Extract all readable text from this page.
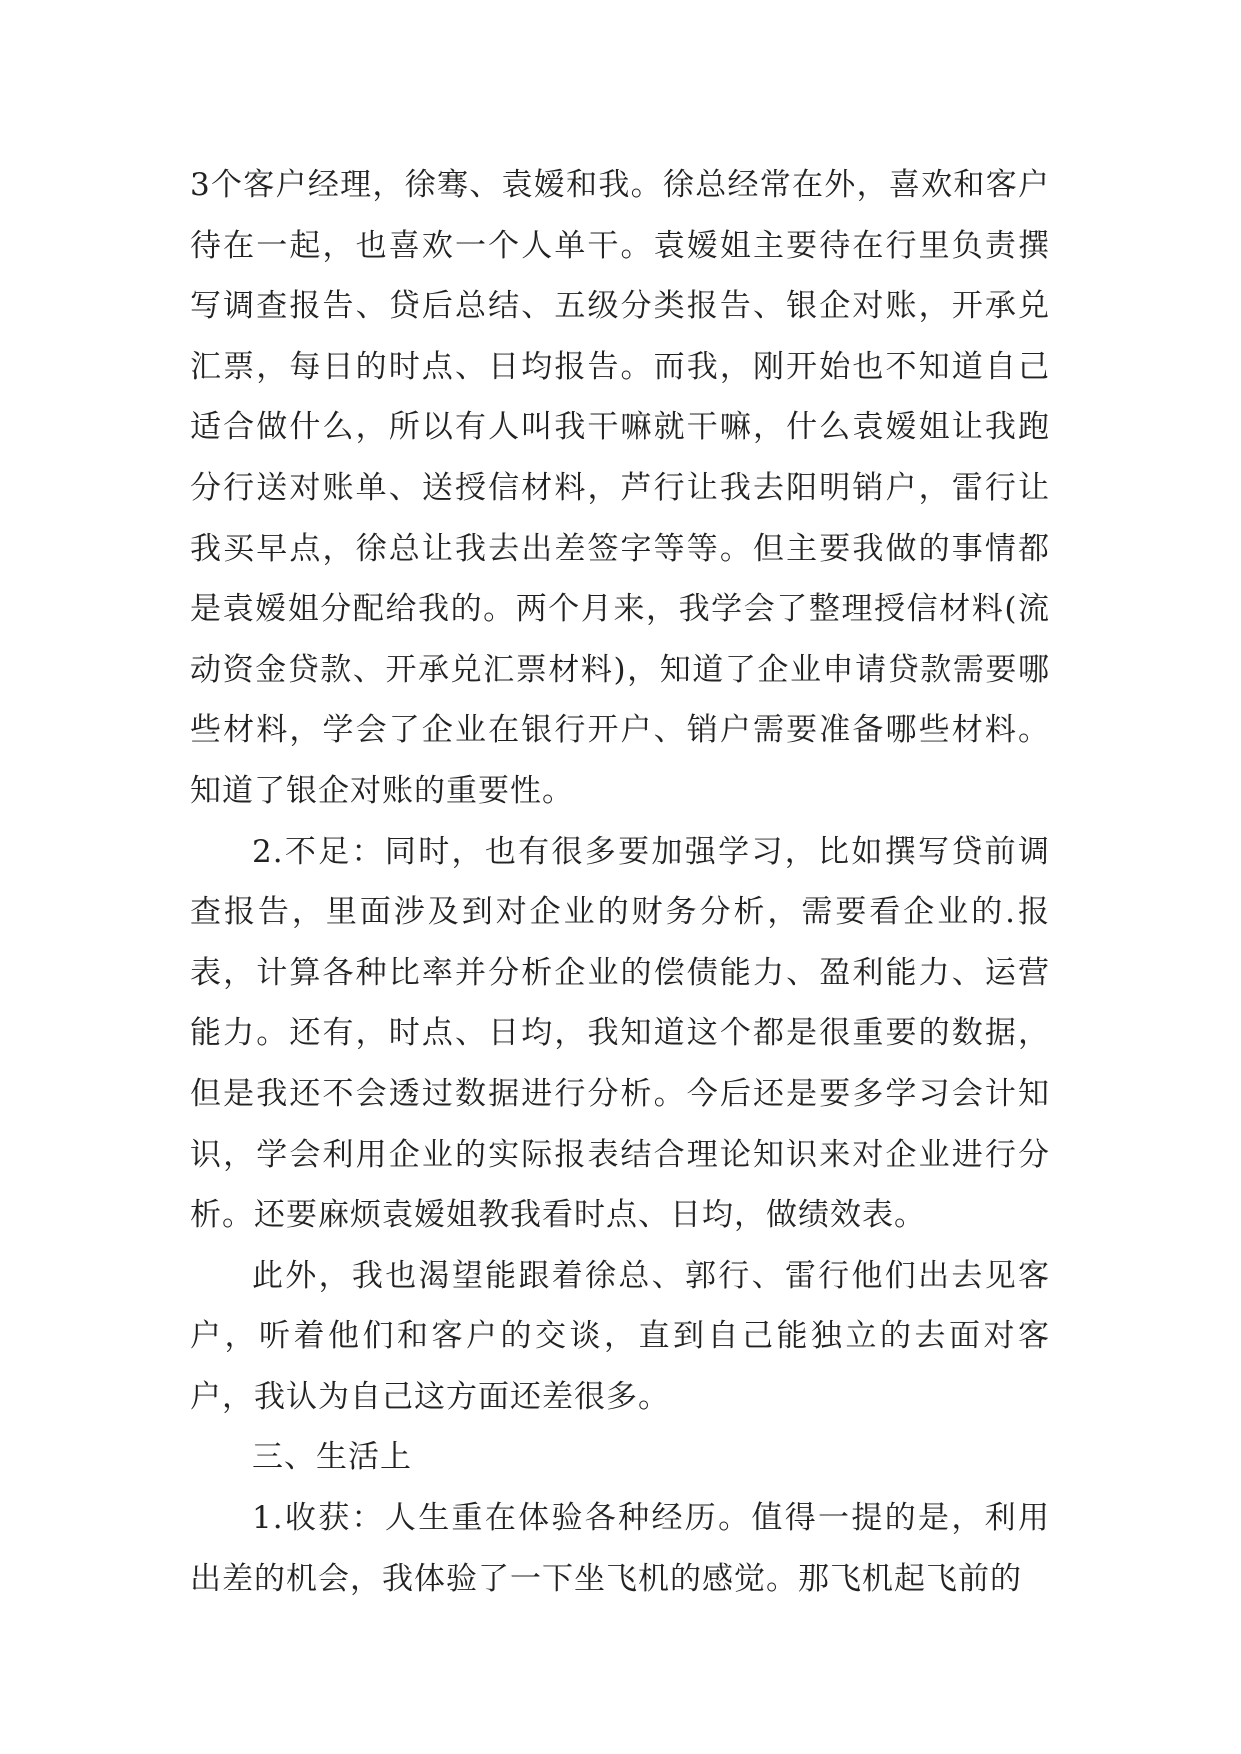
3个客户经理，徐骞、袁嫒和我。徐总经常在外，喜欢和客户待在一起，也喜欢一个人单干。袁嫒姐主要待在行里负责撰写调查报告、贷后总结、五级分类报告、银企对账，开承兑汇票，每日的时点、日均报告。而我，刚开始也不知道自己适合做什么，所以有人叫我干嘛就干嘛，什么袁嫒姐让我跑分行送对账单、送授信材料，芦行让我去阳明销户，雷行让我买早点，徐总让我去出差签字等等。但主要我做的事情都是袁嫒姐分配给我的。两个月来，我学会了整理授信材料(流动资金贷款、开承兑汇票材料)，知道了企业申请贷款需要哪些材料，学会了企业在银行开户、销户需要准备哪些材料。知道了银企对账的重要性。

2.不足：同时，也有很多要加强学习，比如撰写贷前调查报告，里面涉及到对企业的财务分析，需要看企业的.报表，计算各种比率并分析企业的偿债能力、盈利能力、运营能力。还有，时点、日均，我知道这个都是很重要的数据，但是我还不会透过数据进行分析。今后还是要多学习会计知识，学会利用企业的实际报表结合理论知识来对企业进行分析。还要麻烦袁嫒姐教我看时点、日均，做绩效表。

此外，我也渴望能跟着徐总、郭行、雷行他们出去见客户，听着他们和客户的交谈，直到自己能独立的去面对客户，我认为自己这方面还差很多。

三、生活上

1.收获：人生重在体验各种经历。值得一提的是，利用出差的机会，我体验了一下坐飞机的感觉。那飞机起飞前的
